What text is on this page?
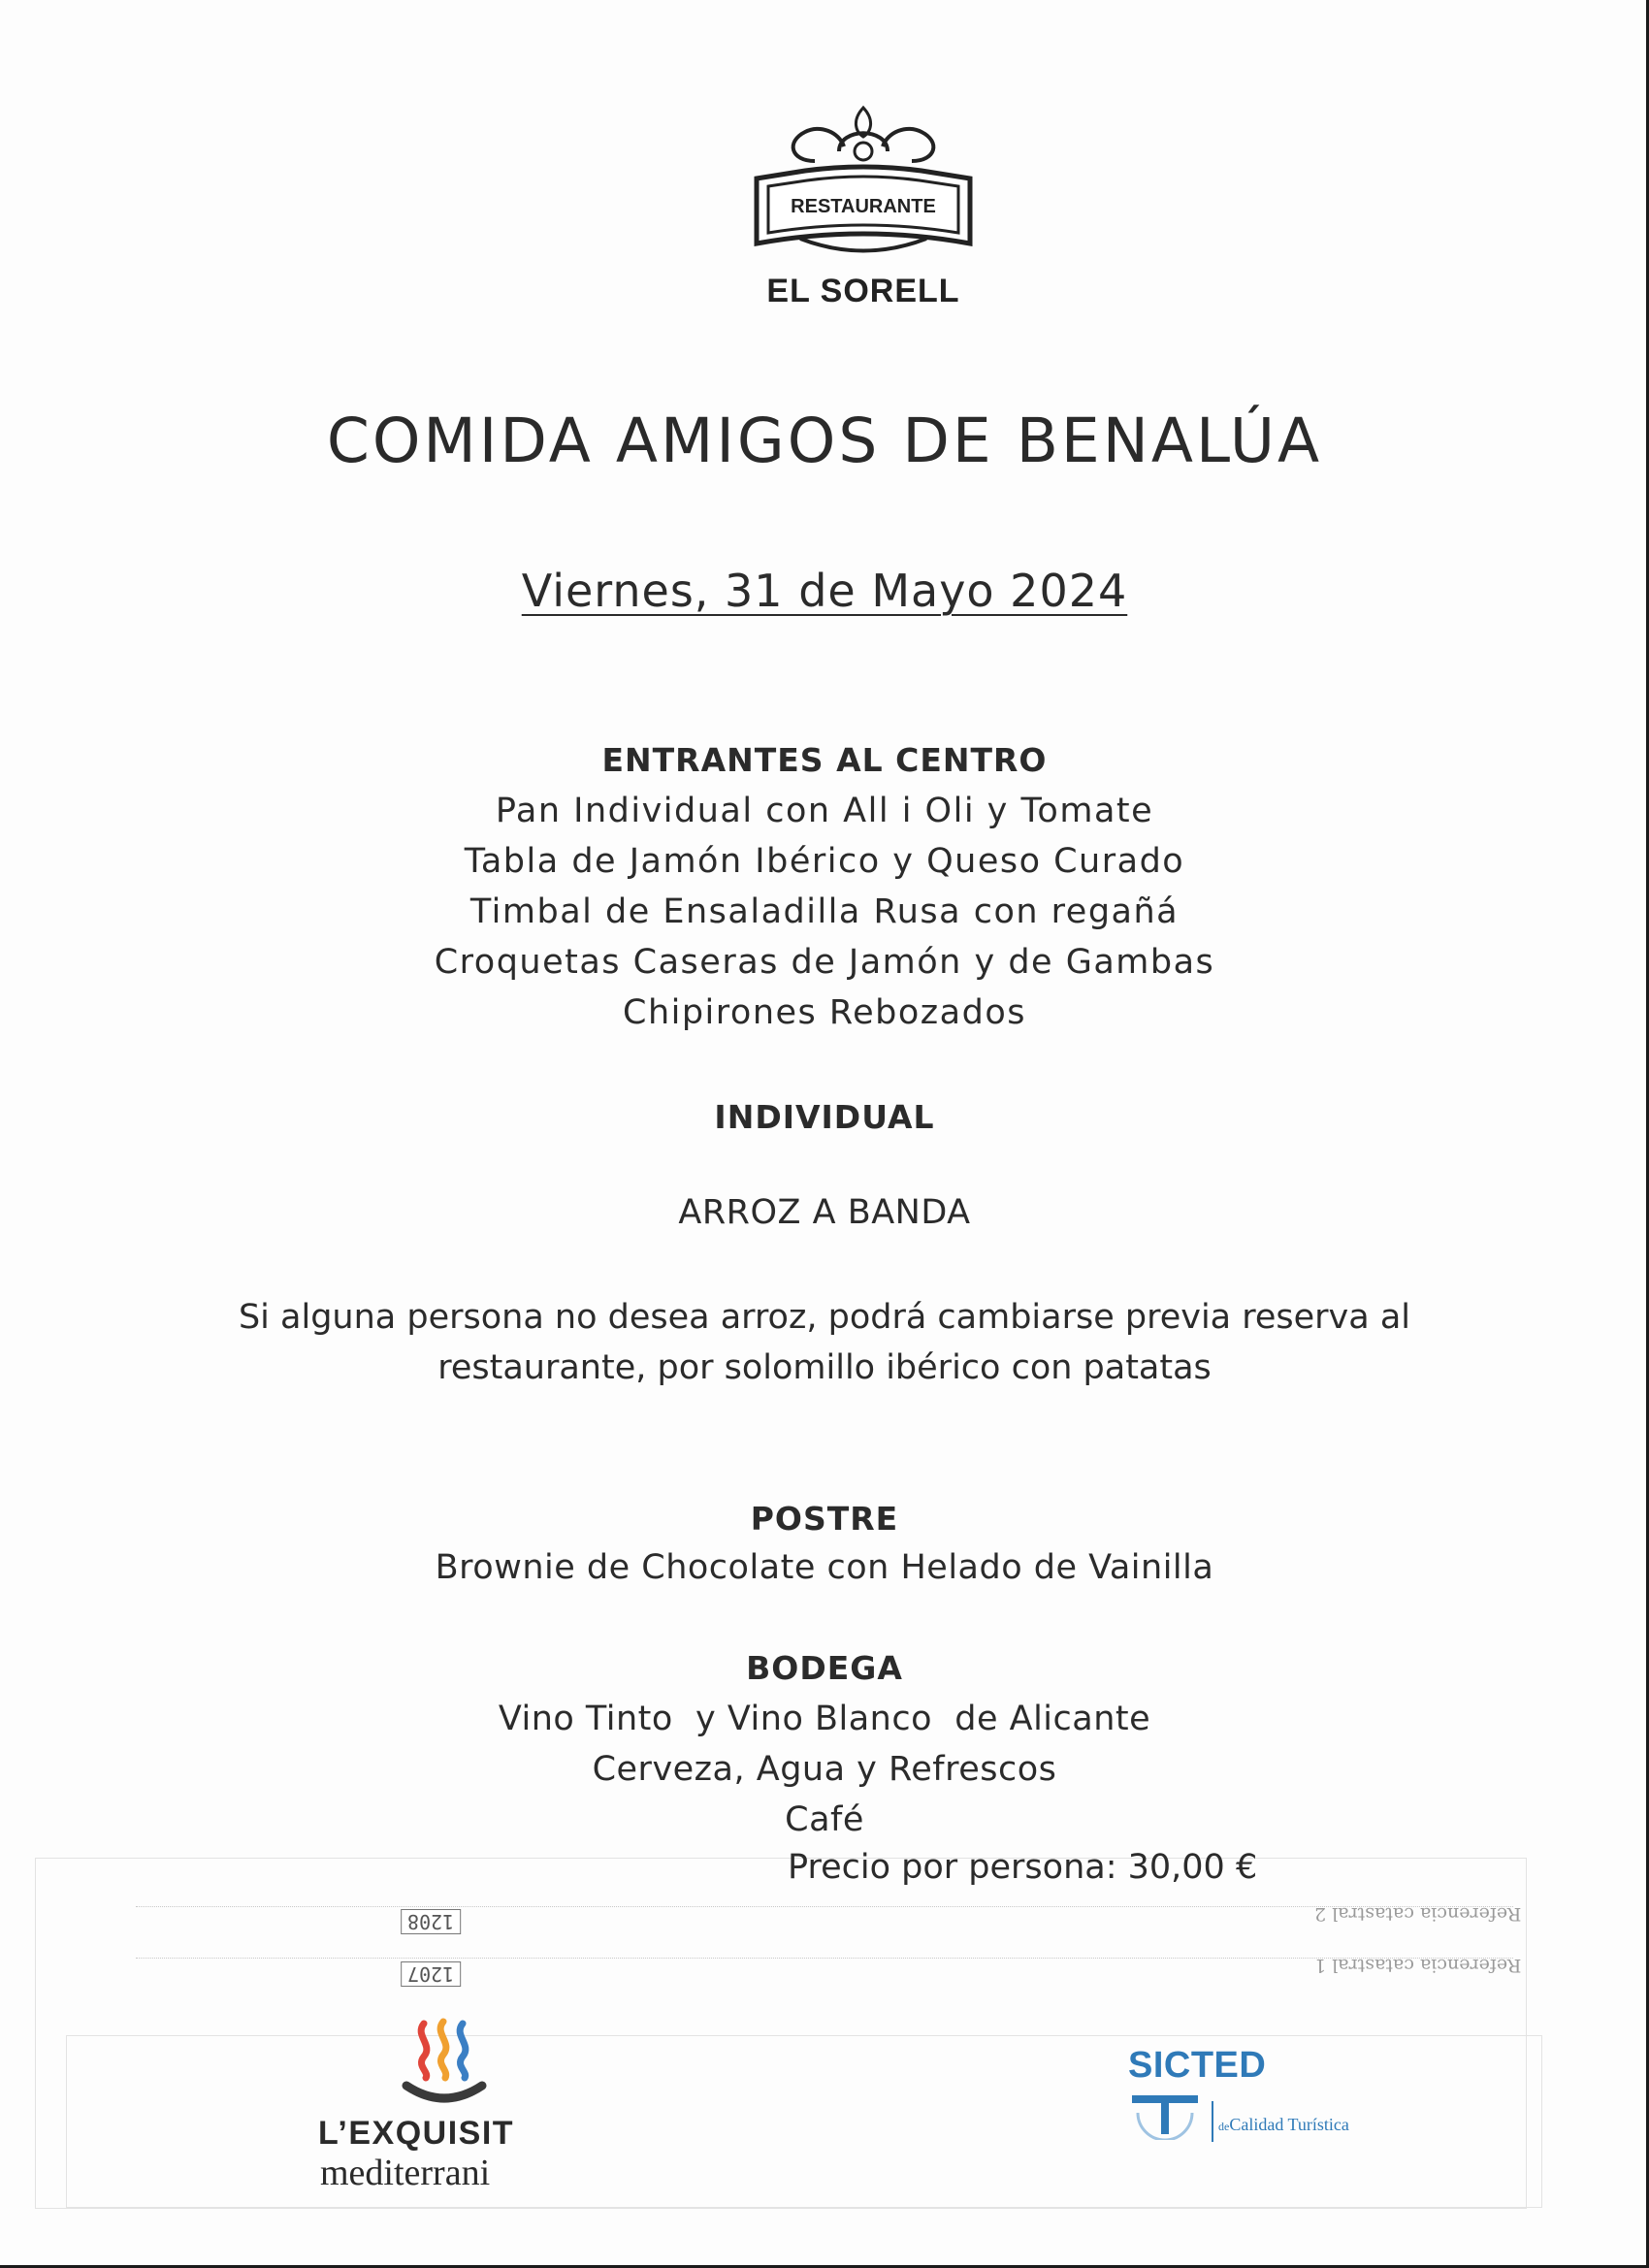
RESTAURANTE
EL SORELL
COMIDA AMIGOS DE BENALÚA
Viernes, 31 de Mayo 2024
ENTRANTES AL CENTRO
Pan Individual con All i Oli y Tomate
Tabla de Jamón Ibérico y Queso Curado
Timbal de Ensaladilla Rusa con regañá
Croquetas Caseras de Jamón y de Gambas
Chipirones Rebozados
INDIVIDUAL
ARROZ A BANDA
Si alguna persona no desea arroz, podrá cambiarse previa reserva al
restaurante, por solomillo ibérico con patatas
POSTRE
Brownie de Chocolate con Helado de Vainilla
BODEGA
Vino Tinto  y Vino Blanco  de Alicante
Cerveza, Agua y Refrescos
Café
1208
1207
Referencia catastral 2
Referencia catastral 1
Precio por persona: 30,00 €
L’EXQUISIT
mediterrani
SICTED
deCalidad Turística
